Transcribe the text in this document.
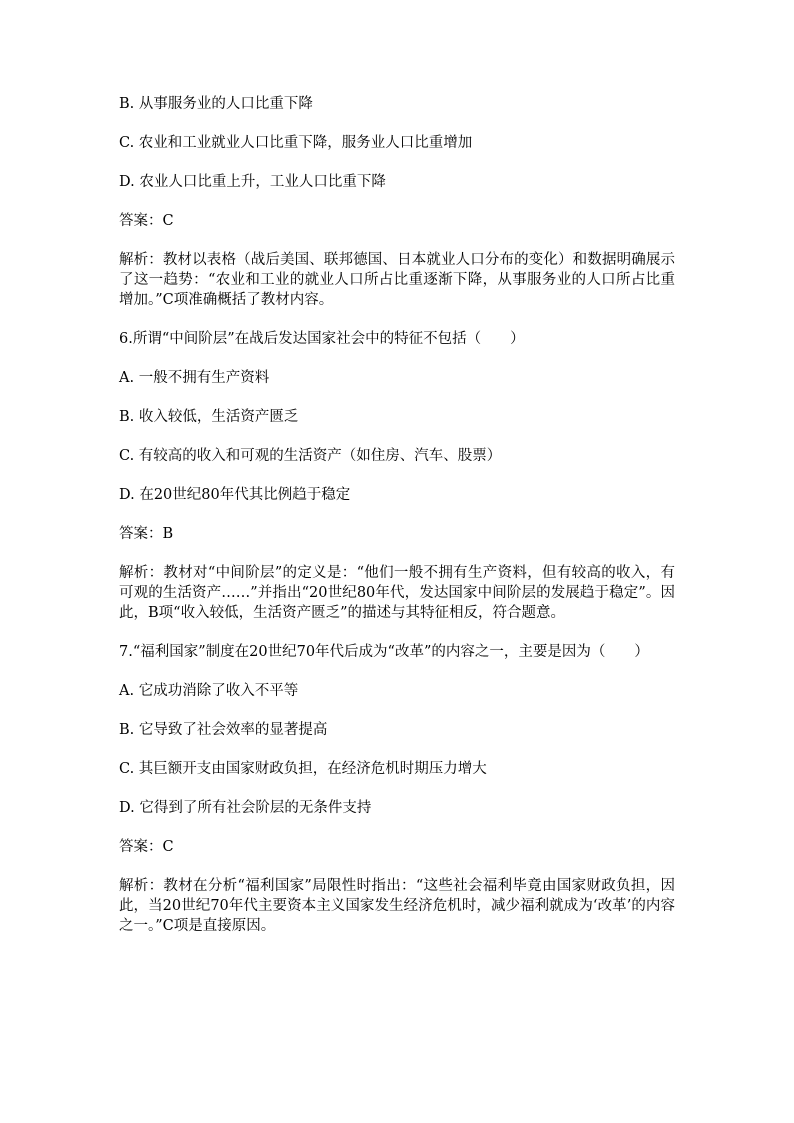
B. 从事服务业的人口比重下降

C. 农业和工业就业人口比重下降，服务业人口比重增加

D. 农业人口比重上升，工业人口比重下降

答案：C

解析：教材以表格（战后美国、联邦德国、日本就业人口分布的变化）和数据明确展示了这一趋势：“农业和工业的就业人口所占比重逐渐下降，从事服务业的人口所占比重增加。”C项准确概括了教材内容。

6.所谓“中间阶层”在战后发达国家社会中的特征不包括（　　）

A. 一般不拥有生产资料

B. 收入较低，生活资产匮乏

C. 有较高的收入和可观的生活资产（如住房、汽车、股票）

D. 在20世纪80年代其比例趋于稳定

答案：B

解析：教材对“中间阶层”的定义是：“他们一般不拥有生产资料，但有较高的收入，有可观的生活资产……”并指出“20世纪80年代，发达国家中间阶层的发展趋于稳定”。因此，B项“收入较低，生活资产匮乏”的描述与其特征相反，符合题意。

7.“福利国家”制度在20世纪70年代后成为“改革”的内容之一，主要是因为（　　）

A. 它成功消除了收入不平等

B. 它导致了社会效率的显著提高

C. 其巨额开支由国家财政负担，在经济危机时期压力增大

D. 它得到了所有社会阶层的无条件支持

答案：C

解析：教材在分析“福利国家”局限性时指出：“这些社会福利毕竟由国家财政负担，因此，当20世纪70年代主要资本主义国家发生经济危机时，减少福利就成为‘改革’的内容之一。”C项是直接原因。
